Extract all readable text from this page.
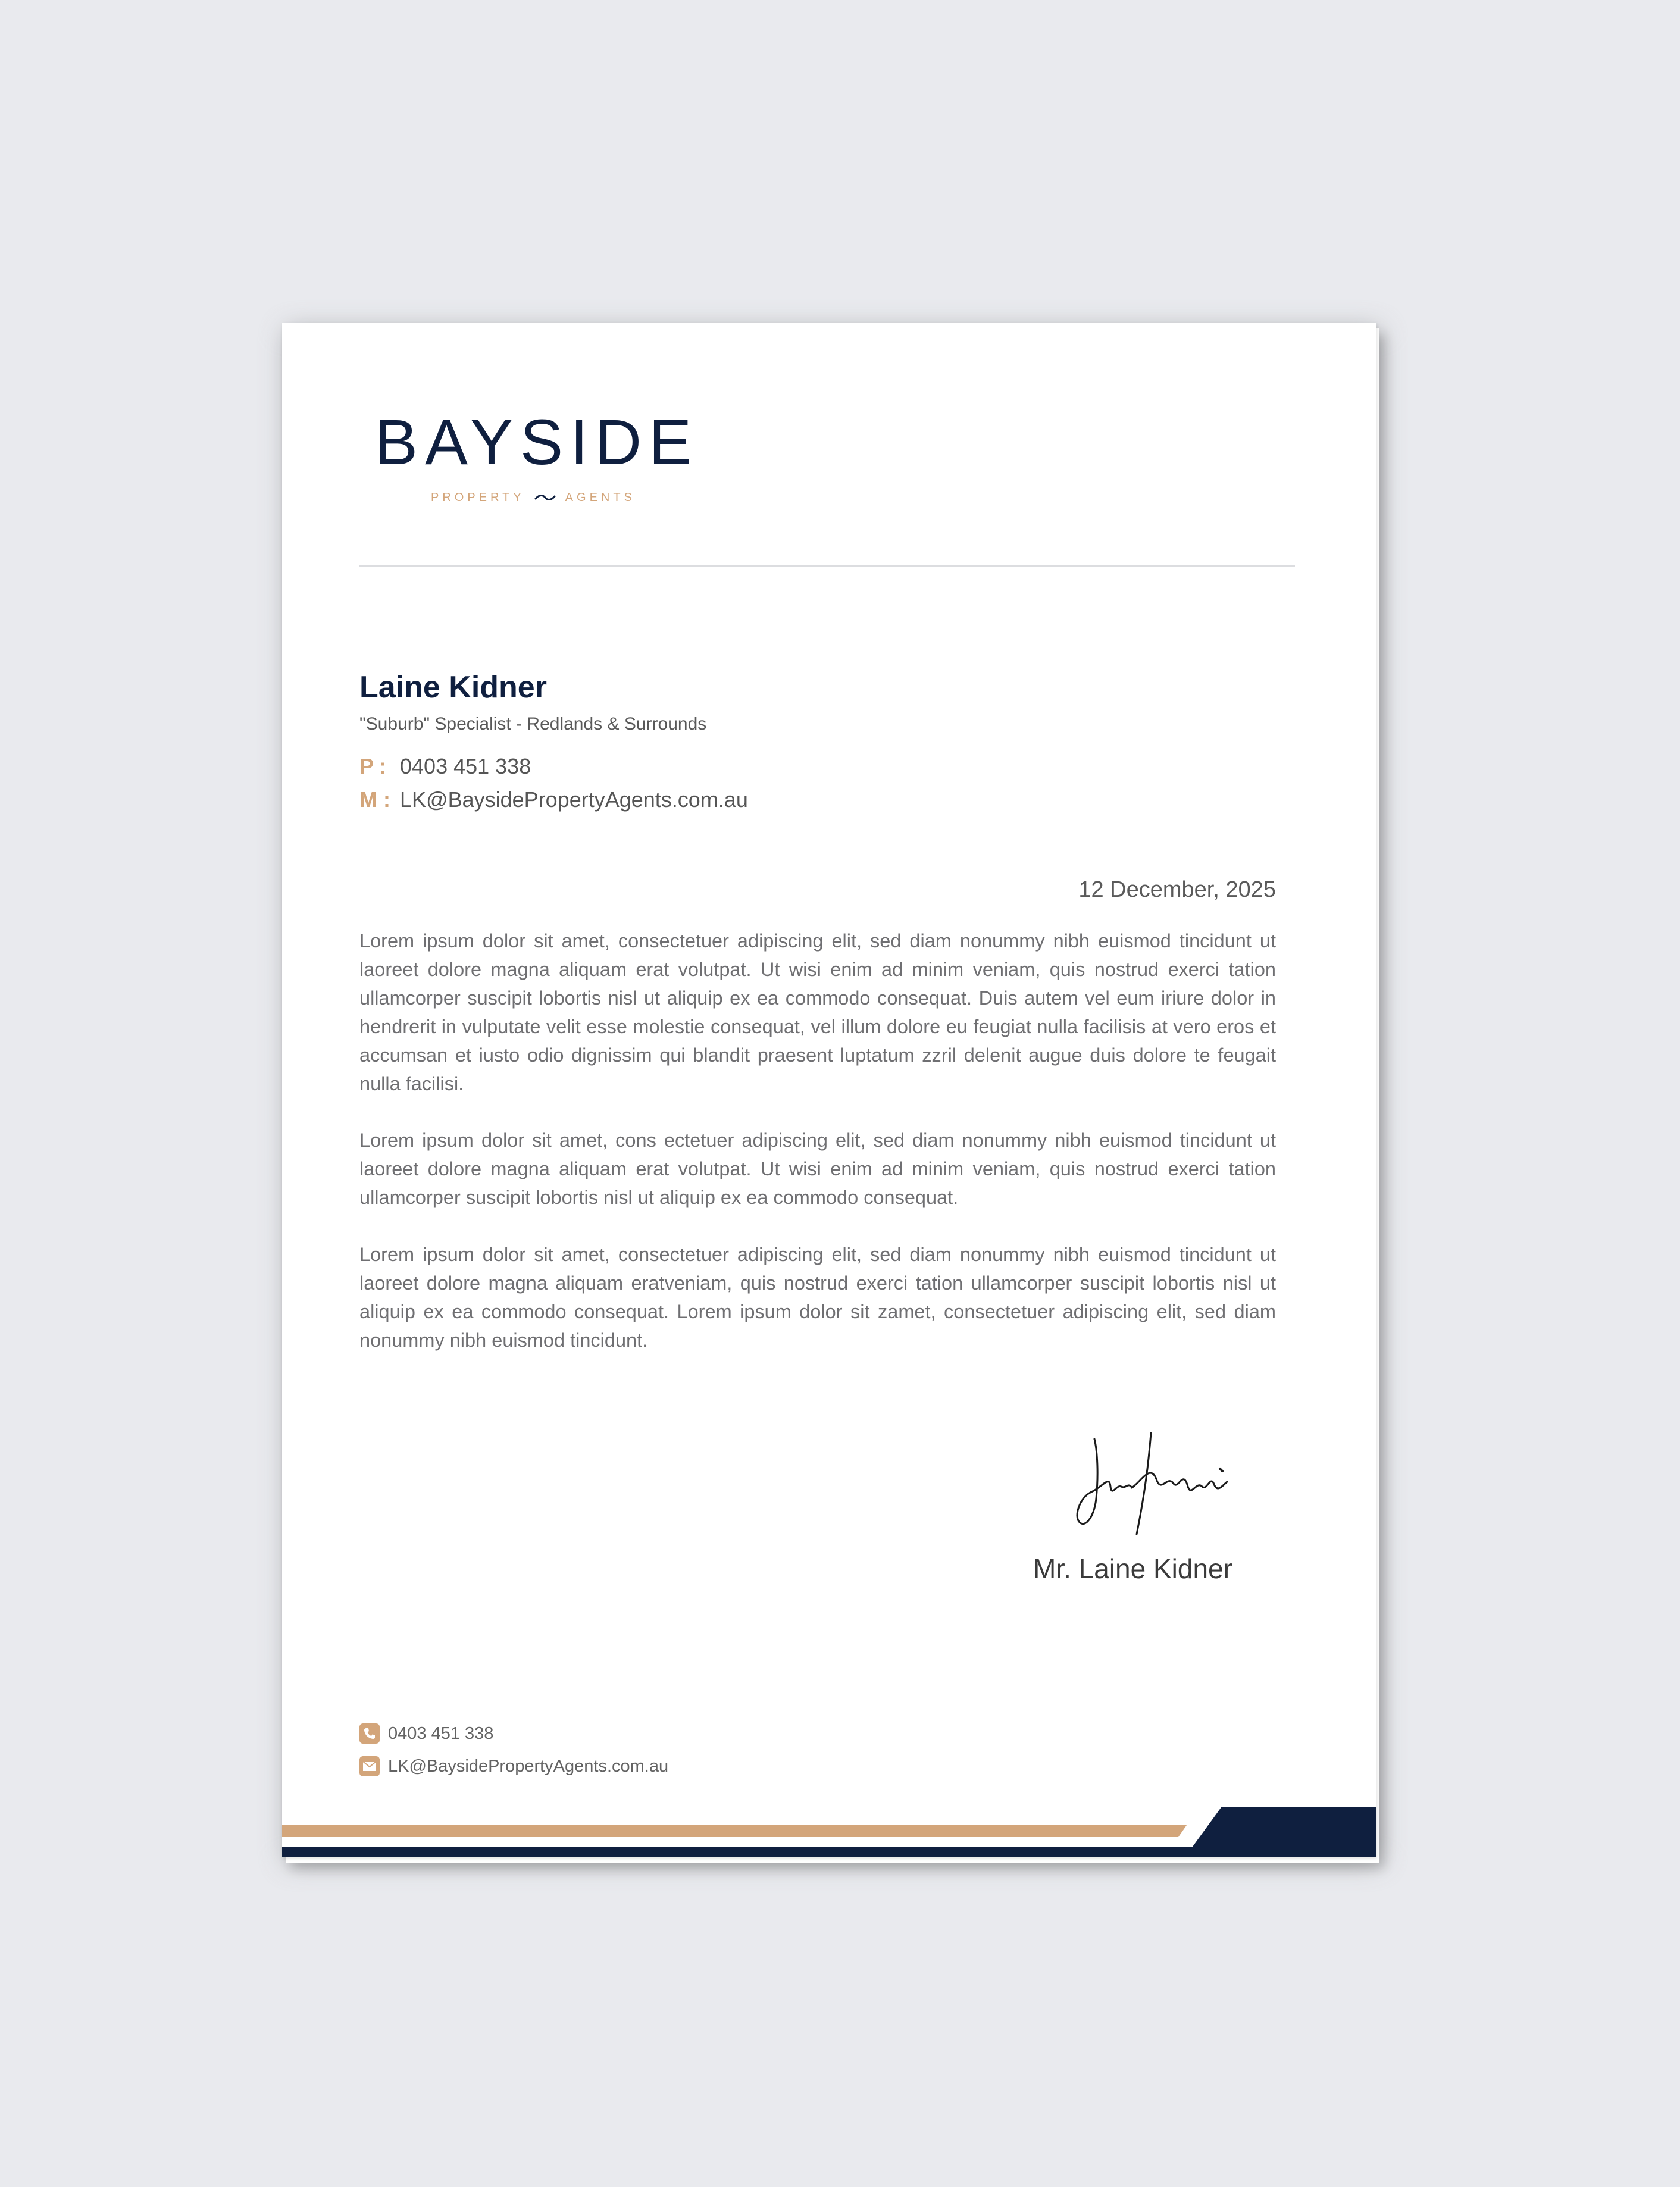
BAYSIDE
PROPERTY	AGENTS
Laine Kidner
"Suburb" Specialist - Redlands & Surrounds
P : 0403 451 338
M : LK@BaysidePropertyAgents.com.au
12 December, 2025

Lorem ipsum dolor sit amet, consectetuer adipiscing elit, sed diam nonummy nibh euismod tincidunt ut laoreet dolore magna aliquam erat volutpat. Ut wisi enim ad minim veniam, quis nostrud exerci tation ullamcorper suscipit lobortis nisl ut aliquip ex ea commodo consequat. Duis autem vel eum iriure dolor in hendrerit in vulputate velit esse molestie consequat, vel illum dolore eu feugiat nulla facilisis at vero eros et accumsan et iusto odio dignissim qui blandit praesent luptatum zzril delenit augue duis dolore te feugait nulla facilisi.

Lorem ipsum dolor sit amet, cons ectetuer adipiscing elit, sed diam nonummy nibh euismod tincidunt ut laoreet dolore magna aliquam erat volutpat. Ut wisi enim ad minim veniam, quis nostrud exerci tation ullamcorper suscipit lobortis nisl ut aliquip ex ea commodo consequat.

Lorem ipsum dolor sit amet, consectetuer adipiscing elit, sed diam nonummy nibh euismod tincidunt ut laoreet dolore magna aliquam eratveniam, quis nostrud exerci tation ullamcorper suscipit lobortis nisl ut aliquip ex ea commodo consequat. Lorem ipsum dolor sit zamet, consectetuer adipiscing elit, sed diam nonummy nibh euismod tincidunt.

Mr. Laine Kidner
0403 451 338
LK@BaysidePropertyAgents.com.au
